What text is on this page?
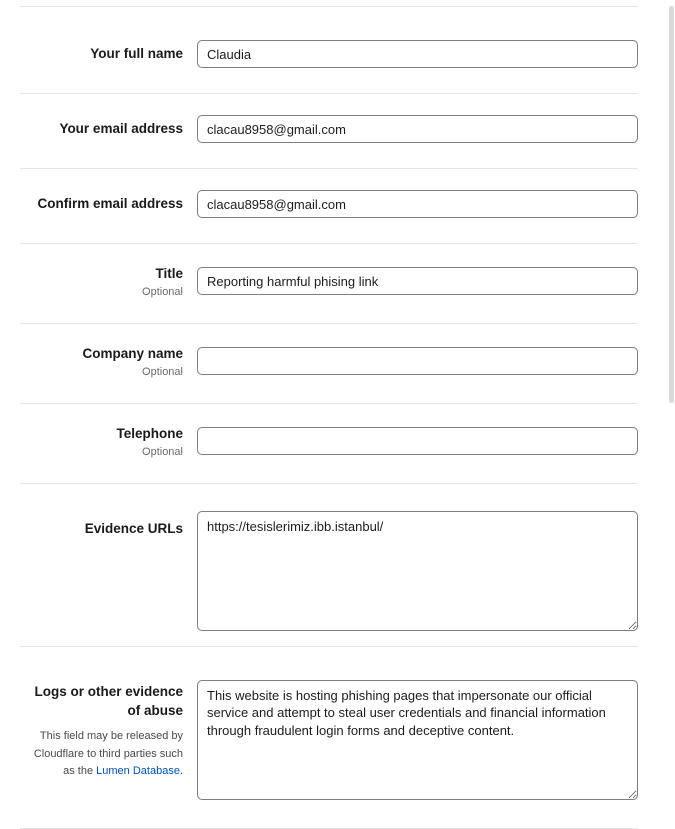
Your full name
Claudia
Your email address
clacau8958@gmail.com
Confirm email address
clacau8958@gmail.com
Title
Optional
Reporting harmful phising link
Company name
Optional
Telephone
Optional
Evidence URLs
https://tesislerimiz.ibb.istanbul/
Logs or other evidence of abuse
This field may be released by Cloudflare to third parties such as the Lumen Database.
This website is hosting phishing pages that impersonate our official service and attempt to steal user credentials and financial information through fraudulent login forms and deceptive content.
